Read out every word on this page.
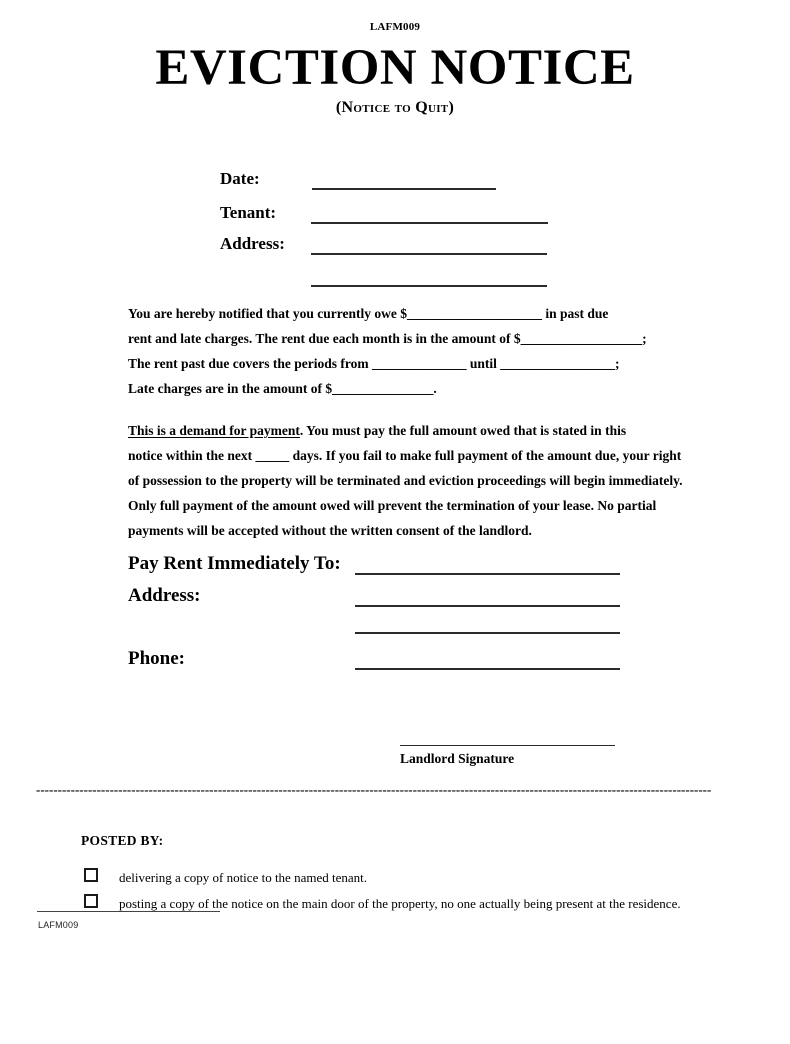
LAFM009
EVICTION NOTICE
(Notice to Quit)
Date:
Tenant:
Address:
You are hereby notified that you currently owe $____________________ in past due
rent and late charges. The rent due each month is in the amount of $__________________;
The rent past due covers the periods from ______________ until _________________;
Late charges are in the amount of $_______________.
This is a demand for payment. You must pay the full amount owed that is stated in this
notice within the next _____ days. If you fail to make full payment of the amount due, your right
of possession to the property will be terminated and eviction proceedings will begin immediately.
Only full payment of the amount owed will prevent the termination of your lease. No partial
payments will be accepted without the written consent of the landlord.
Pay Rent Immediately To:
Address:
Phone:
Landlord Signature
------------------------------------------------------------------------------------------------------------------------------------------------------------
POSTED BY:
delivering a copy of notice to the named tenant.
posting a copy of the notice on the main door of the property, no one actually being present at the residence.
LAFM009
